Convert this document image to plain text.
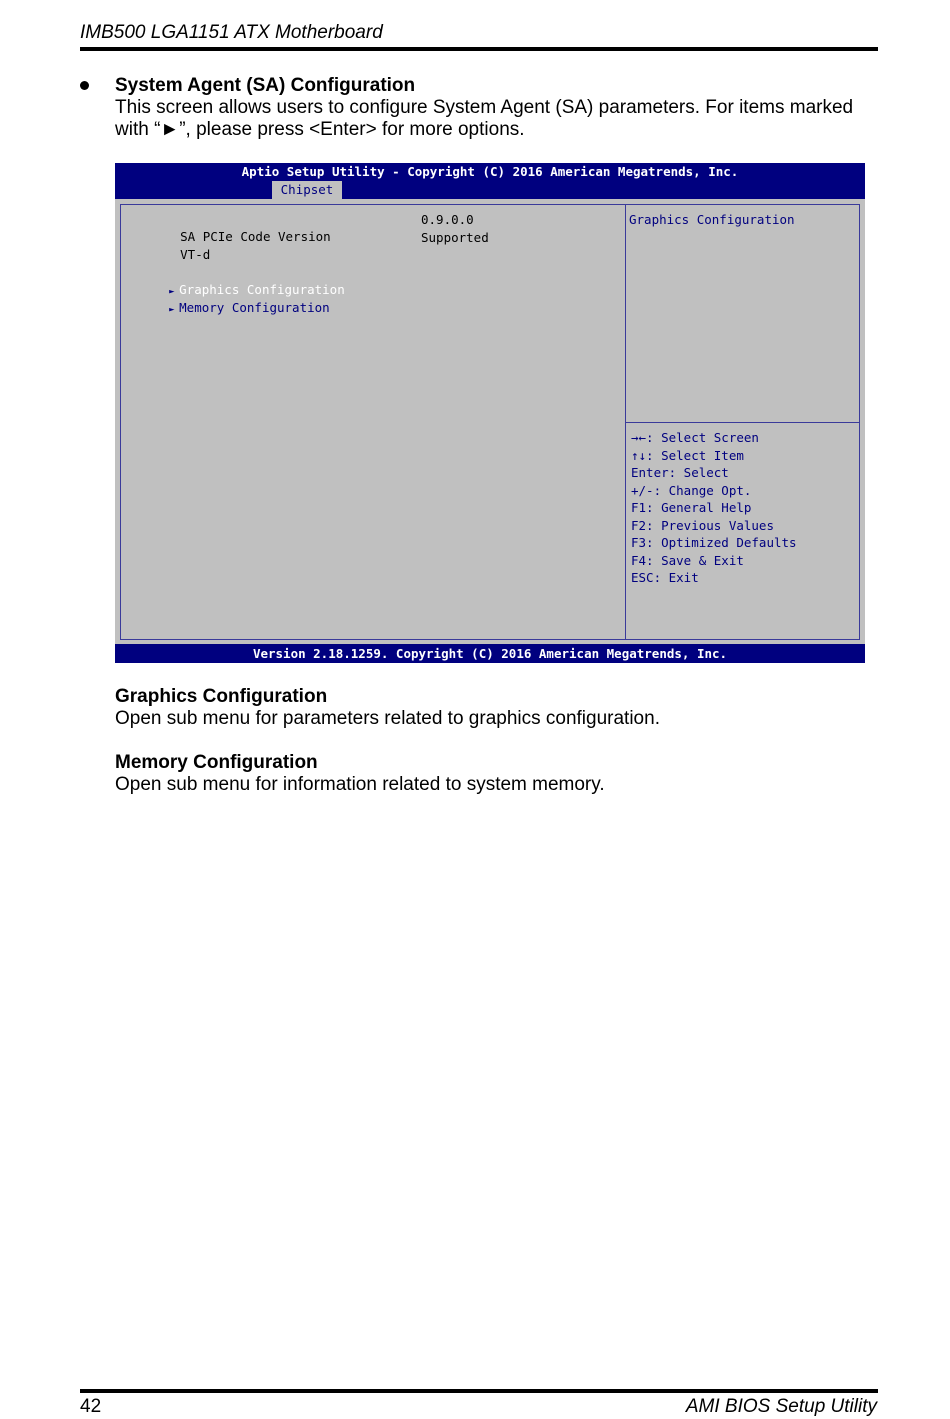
IMB500 LGA1151 ATX Motherboard
System Agent (SA) Configuration
This screen allows users to configure System Agent (SA) parameters. For items marked
with “►”, please press <Enter> for more options.
Aptio Setup Utility - Copyright (C) 2016 American Megatrends, Inc.
Chipset

SA PCIe Code Version

0.9.0.0

VT-d

Supported

► Graphics Configuration

► Memory Configuration

Graphics Configuration
→←: Select Screen
↑↓: Select Item
Enter: Select
+/-: Change Opt.
F1: General Help
F2: Previous Values
F3: Optimized Defaults
F4: Save & Exit
ESC: Exit
Version 2.18.1259. Copyright (C) 2016 American Megatrends, Inc.
Graphics Configuration
Open sub menu for parameters related to graphics configuration.
Memory Configuration
Open sub menu for information related to system memory.
42	AMI BIOS Setup Utility
